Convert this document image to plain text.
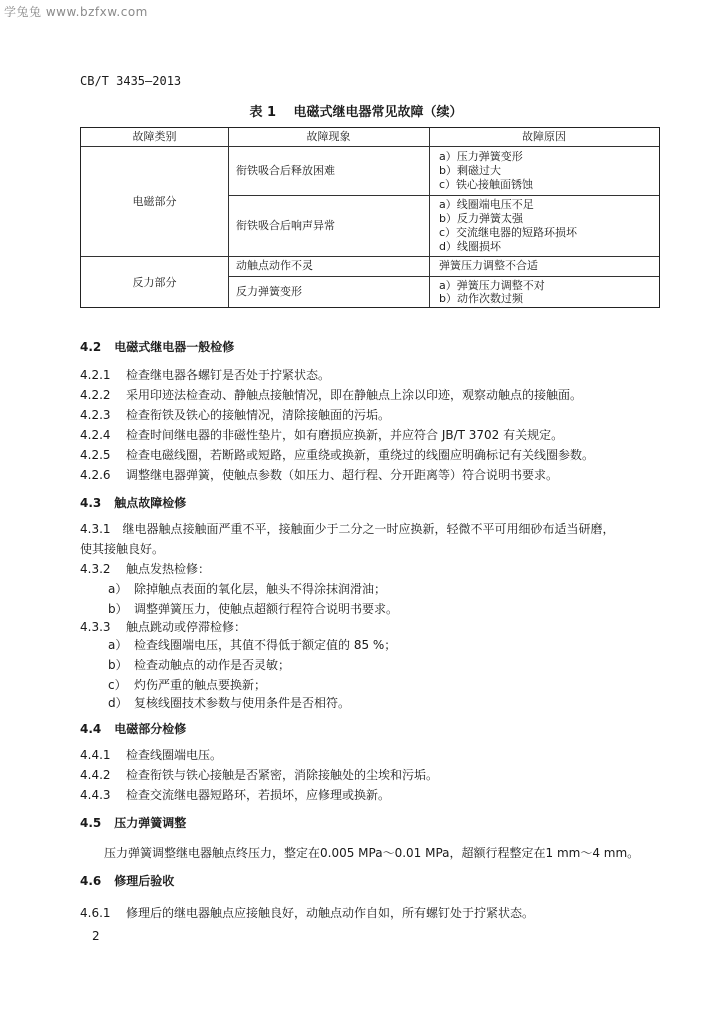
学兔兔 www.bzfxw.com
CB/T 3435—2013
表 1　 电磁式继电器常见故障（续）
故障类别	故障现象	故障原因
电磁部分
反力部分
衔铁吸合后释放困难
衔铁吸合后响声异常
动触点动作不灵
反力弹簧变形
a）压力弹簧变形
b）剩磁过大
c）铁心接触面锈蚀
a）线圈端电压不足
b）反力弹簧太强
c）交流继电器的短路环损坏
d）线圈损坏
弹簧压力调整不合适
a）弹簧压力调整不对
b）动作次数过频
4.2 电磁式继电器一般检修
4.2.1 检查继电器各螺钉是否处于拧紧状态。
4.2.2 采用印迹法检查动、静触点接触情况，即在静触点上涂以印迹，观察动触点的接触面。
4.2.3 检查衔铁及铁心的接触情况，清除接触面的污垢。
4.2.4 检查时间继电器的非磁性垫片，如有磨损应换新，并应符合 JB/T 3702 有关规定。
4.2.5 检查电磁线圈，若断路或短路，应重绕或换新，重绕过的线圈应明确标记有关线圈参数。
4.2.6 调整继电器弹簧，使触点参数（如压力、超行程、分开距离等）符合说明书要求。
4.3 触点故障检修
4.3.1　继电器触点接触面严重不平，接触面少于二分之一时应换新，轻微不平可用细砂布适当研磨，
使其接触良好。
4.3.2 触点发热检修：
a） 除掉触点表面的氧化层，触头不得涂抹润滑油；
b） 调整弹簧压力，使触点超额行程符合说明书要求。
4.3.3 触点跳动或停滞检修：
a） 检查线圈端电压，其值不得低于额定值的 85 %；
b） 检查动触点的动作是否灵敏；
c） 灼伤严重的触点要换新；
d） 复核线圈技术参数与使用条件是否相符。
4.4 电磁部分检修
4.4.1 检查线圈端电压。
4.4.2 检查衔铁与铁心接触是否紧密，消除接触处的尘埃和污垢。
4.4.3 检查交流继电器短路环，若损坏，应修理或换新。
4.5 压力弹簧调整
压力弹簧调整继电器触点终压力，整定在0.005 MPa～0.01 MPa，超额行程整定在1 mm～4 mm。
4.6 修理后验收
4.6.1 修理后的继电器触点应接触良好，动触点动作自如，所有螺钉处于拧紧状态。
2
